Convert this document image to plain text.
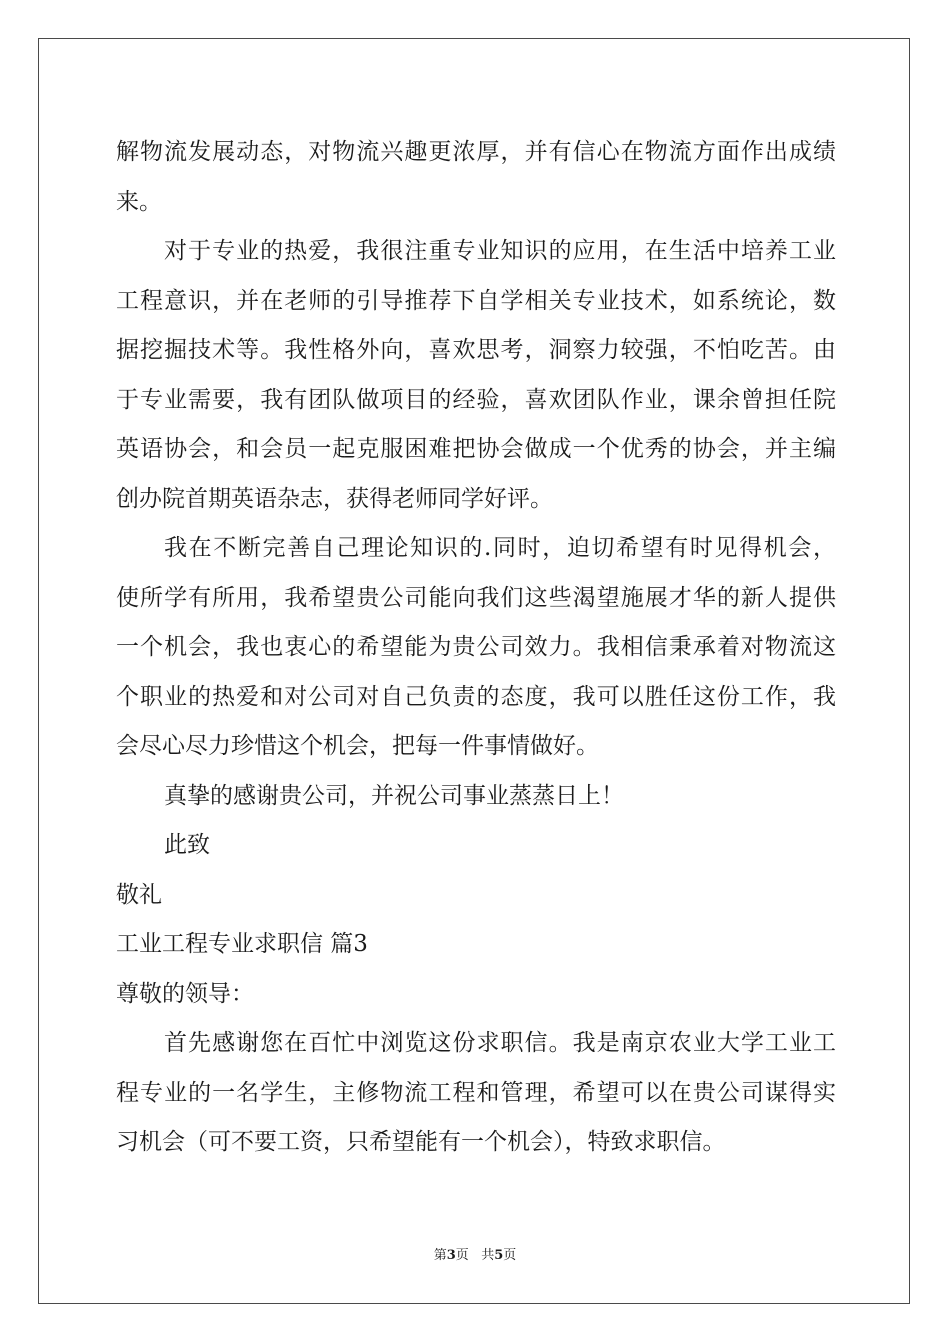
解物流发展动态，对物流兴趣更浓厚，并有信心在物流方面作出成绩
来。
对于专业的热爱，我很注重专业知识的应用，在生活中培养工业
工程意识，并在老师的引导推荐下自学相关专业技术，如系统论，数
据挖掘技术等。我性格外向，喜欢思考，洞察力较强，不怕吃苦。由
于专业需要，我有团队做项目的经验，喜欢团队作业，课余曾担任院
英语协会，和会员一起克服困难把协会做成一个优秀的协会，并主编
创办院首期英语杂志，获得老师同学好评。
我在不断完善自己理论知识的.同时，迫切希望有时见得机会，
使所学有所用，我希望贵公司能向我们这些渴望施展才华的新人提供
一个机会，我也衷心的希望能为贵公司效力。我相信秉承着对物流这
个职业的热爱和对公司对自己负责的态度，我可以胜任这份工作，我
会尽心尽力珍惜这个机会，把每一件事情做好。
真挚的感谢贵公司，并祝公司事业蒸蒸日上！
此致
敬礼
工业工程专业求职信 篇3
尊敬的领导：
首先感谢您在百忙中浏览这份求职信。我是南京农业大学工业工
程专业的一名学生，主修物流工程和管理，希望可以在贵公司谋得实
习机会（可不要工资，只希望能有一个机会），特致求职信。
第3页 共5页
